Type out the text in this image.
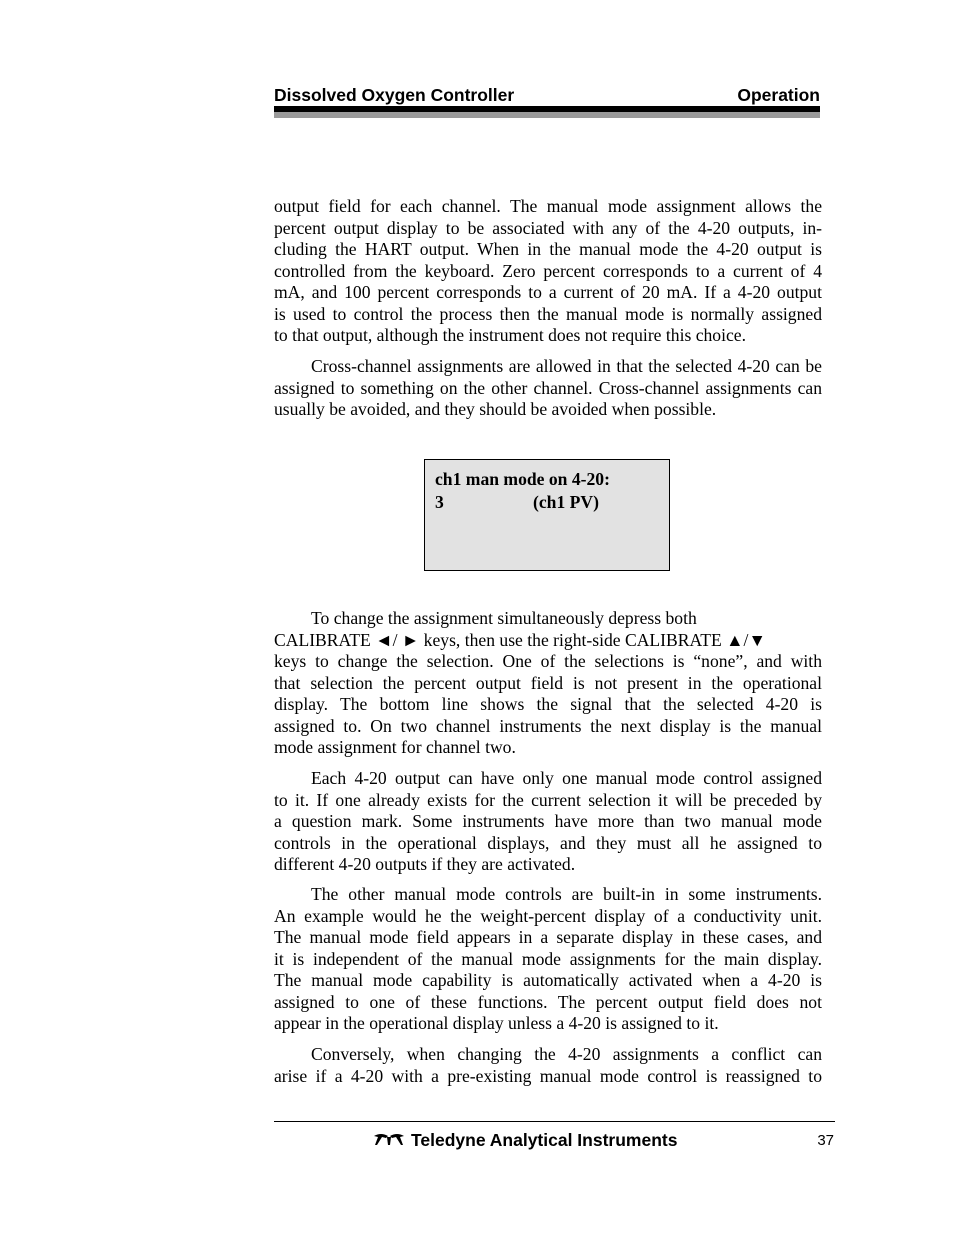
Dissolved Oxygen Controller	Operation
output field for each channel. The manual mode assignment allows the
percent output display to be associated with any of the 4-20 outputs, in-
cluding the HART output. When in the manual mode the 4-20 output is
controlled from the keyboard. Zero percent corresponds to a current of 4
mA, and 100 percent corresponds to a current of 20 mA. If a 4-20 output
is used to control the process then the manual mode is normally assigned
to that output, although the instrument does not require this choice.
Cross-channel assignments are allowed in that the selected 4-20 can be
assigned to something on the other channel. Cross-channel assignments can
usually be avoided, and they should be avoided when possible.
ch1 man mode on 4-20:
3	(ch1 PV)
To change the assignment simultaneously depress both
CALIBRATE ◄/ ► keys, then use the right-side CALIBRATE ▲/▼
keys to change the selection. One of the selections is “none”, and with
that selection the percent output field is not present in the operational
display. The bottom line shows the signal that the selected 4-20 is
assigned to. On two channel instruments the next display is the manual
mode assignment for channel two.
Each 4-20 output can have only one manual mode control assigned
to it. If one already exists for the current selection it will be preceded by
a question mark. Some instruments have more than two manual mode
controls in the operational displays, and they must all he assigned to
different 4-20 outputs if they are activated.
The other manual mode controls are built-in in some instruments.
An example would he the weight-percent display of a conductivity unit.
The manual mode field appears in a separate display in these cases, and
it is independent of the manual mode assignments for the main display.
The manual mode capability is automatically activated when a 4-20 is
assigned to one of these functions. The percent output field does not
appear in the operational display unless a 4-20 is assigned to it.
Conversely, when changing the 4-20 assignments a conflict can
arise if a 4-20 with a pre-existing manual mode control is reassigned to
Teledyne Analytical Instruments	37
